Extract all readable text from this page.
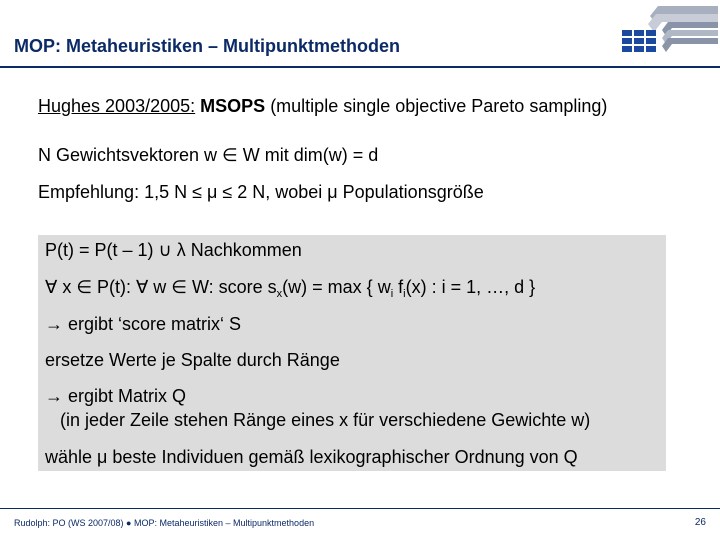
MOP: Metaheuristiken – Multipunktmethoden
Hughes 2003/2005: MSOPS (multiple single objective Pareto sampling)
N Gewichtsvektoren w ∈ W mit dim(w) = d
Empfehlung: 1,5 N ≤ μ ≤ 2 N, wobei μ Populationsgröße
P(t) = P(t – 1) ∪ λ Nachkommen
∀ x ∈ P(t): ∀ w ∈ W: score $s_x(w) = \max$ { $w_i$ $f_i(x)$ : i = 1, …, d }
→ ergibt ‘score matrix‘ S
ersetze Werte je Spalte durch Ränge
→ ergibt Matrix Q
(in jeder Zeile stehen Ränge eines x für verschiedene Gewichte w)
wähle μ beste Individuen gemäß lexikographischer Ordnung von Q
Rudolph: PO (WS 2007/08) ● MOP: Metaheuristiken – Multipunktmethoden	26
